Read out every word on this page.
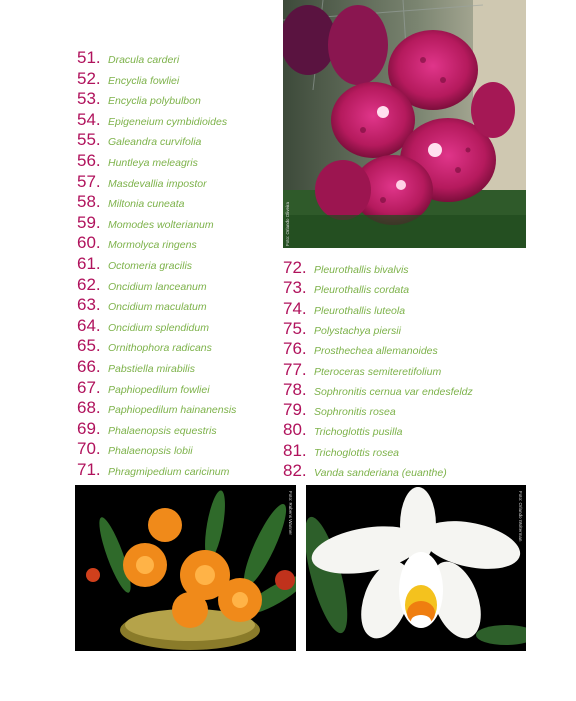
51. Dracula carderi
52. Encyclia fowliei
53. Encyclia polybulbon
54. Epigeneium cymbidioides
55. Galeandra curvifolia
56. Huntleya meleagris
57. Masdevallia impostor
58. Miltonia cuneata
59. Momodes wolterianum
60. Mormolyca ringens
61. Octomeria gracilis
62. Oncidium lanceanum
63. Oncidium maculatum
64. Oncidium splendidum
65. Ornithophora radicans
66. Pabstiella mirabilis
67. Paphiopedilum fowliei
68. Paphiopedilum hainanensis
69. Phalaenopsis equestris
70. Phalaenopsis lobii
71. Phragmipedium caricinum
72. Pleurothallis bivalvis
73. Pleurothallis cordata
74. Pleurothallis luteola
75. Polystachya piersii
76. Prosthechea allemanoides
77. Pteroceras semiteretifolium
78. Sophronitis cernua var endesfeldz
79. Sophronitis rosea
80. Trichoglottis pusilla
81. Trichoglottis rosea
82. Vanda sanderiana (euanthe)
Foto: Orlando Oliveira
Foto: Rubens Wanner	Foto: Orlando Wolterman
